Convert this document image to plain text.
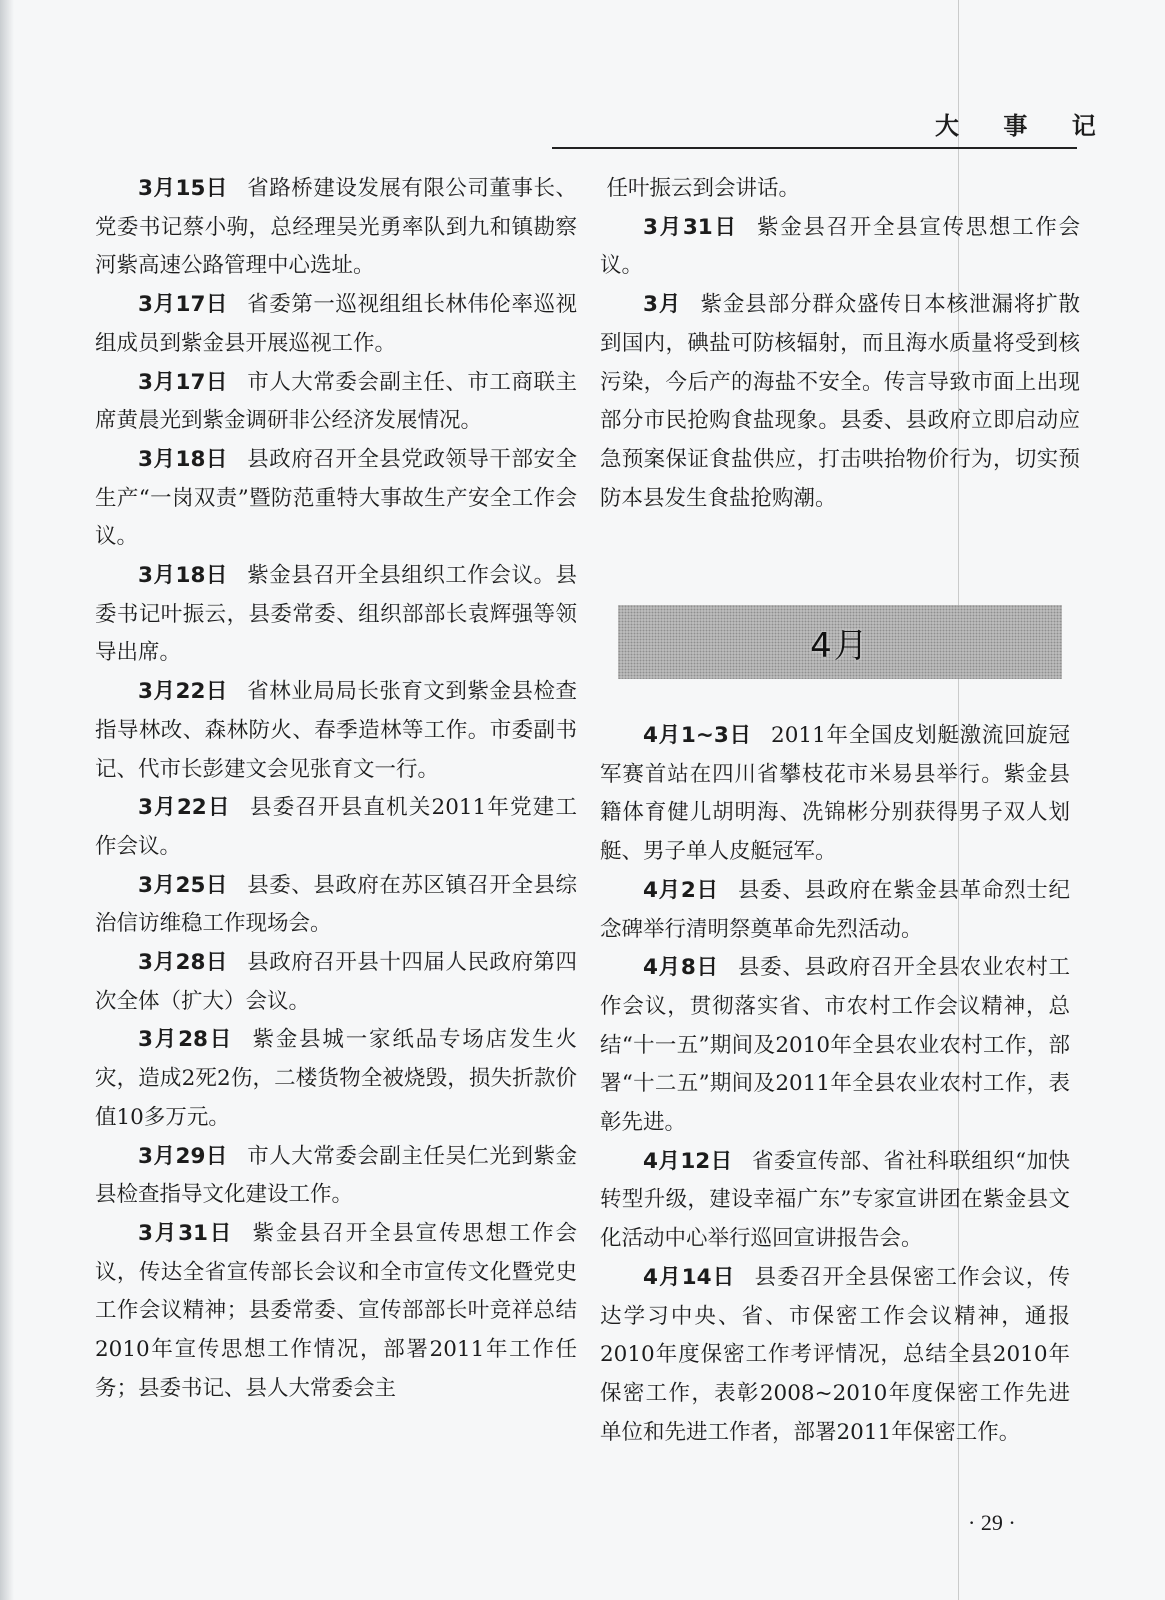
大 事 记

3月15日 省路桥建设发展有限公司董事长、党委书记蔡小驹，总经理吴光勇率队到九和镇勘察河紫高速公路管理中心选址。

3月17日 省委第一巡视组组长林伟伦率巡视组成员到紫金县开展巡视工作。

3月17日 市人大常委会副主任、市工商联主席黄晨光到紫金调研非公经济发展情况。

3月18日 县政府召开全县党政领导干部安全生产“一岗双责”暨防范重特大事故生产安全工作会议。

3月18日 紫金县召开全县组织工作会议。县委书记叶振云，县委常委、组织部部长袁辉强等领导出席。

3月22日 省林业局局长张育文到紫金县检查指导林改、森林防火、春季造林等工作。市委副书记、代市长彭建文会见张育文一行。

3月22日 县委召开县直机关2011年党建工作会议。

3月25日 县委、县政府在苏区镇召开全县综治信访维稳工作现场会。

3月28日 县政府召开县十四届人民政府第四次全体（扩大）会议。

3月28日 紫金县城一家纸品专场店发生火灾，造成2死2伤，二楼货物全被烧毁，损失折款价值10多万元。

3月29日 市人大常委会副主任吴仁光到紫金县检查指导文化建设工作。

3月31日 紫金县召开全县宣传思想工作会议，传达全省宣传部长会议和全市宣传文化暨党史工作会议精神；县委常委、宣传部部长叶竞祥总结2010年宣传思想工作情况，部署2011年工作任务；县委书记、县人大常委会主

任叶振云到会讲话。

3月31日 紫金县召开全县宣传思想工作会议。

3月 紫金县部分群众盛传日本核泄漏将扩散到国内，碘盐可防核辐射，而且海水质量将受到核污染，今后产的海盐不安全。传言导致市面上出现部分市民抢购食盐现象。县委、县政府立即启动应急预案保证食盐供应，打击哄抬物价行为，切实预防本县发生食盐抢购潮。

4月

4月1~3日 2011年全国皮划艇激流回旋冠军赛首站在四川省攀枝花市米易县举行。紫金县籍体育健儿胡明海、冼锦彬分别获得男子双人划艇、男子单人皮艇冠军。

4月2日 县委、县政府在紫金县革命烈士纪念碑举行清明祭奠革命先烈活动。

4月8日 县委、县政府召开全县农业农村工作会议，贯彻落实省、市农村工作会议精神，总结“十一五”期间及2010年全县农业农村工作，部署“十二五”期间及2011年全县农业农村工作，表彰先进。

4月12日 省委宣传部、省社科联组织“加快转型升级，建设幸福广东”专家宣讲团在紫金县文化活动中心举行巡回宣讲报告会。

4月14日 县委召开全县保密工作会议，传达学习中央、省、市保密工作会议精神，通报2010年度保密工作考评情况，总结全县2010年保密工作，表彰2008~2010年度保密工作先进单位和先进工作者，部署2011年保密工作。

· 29 ·
